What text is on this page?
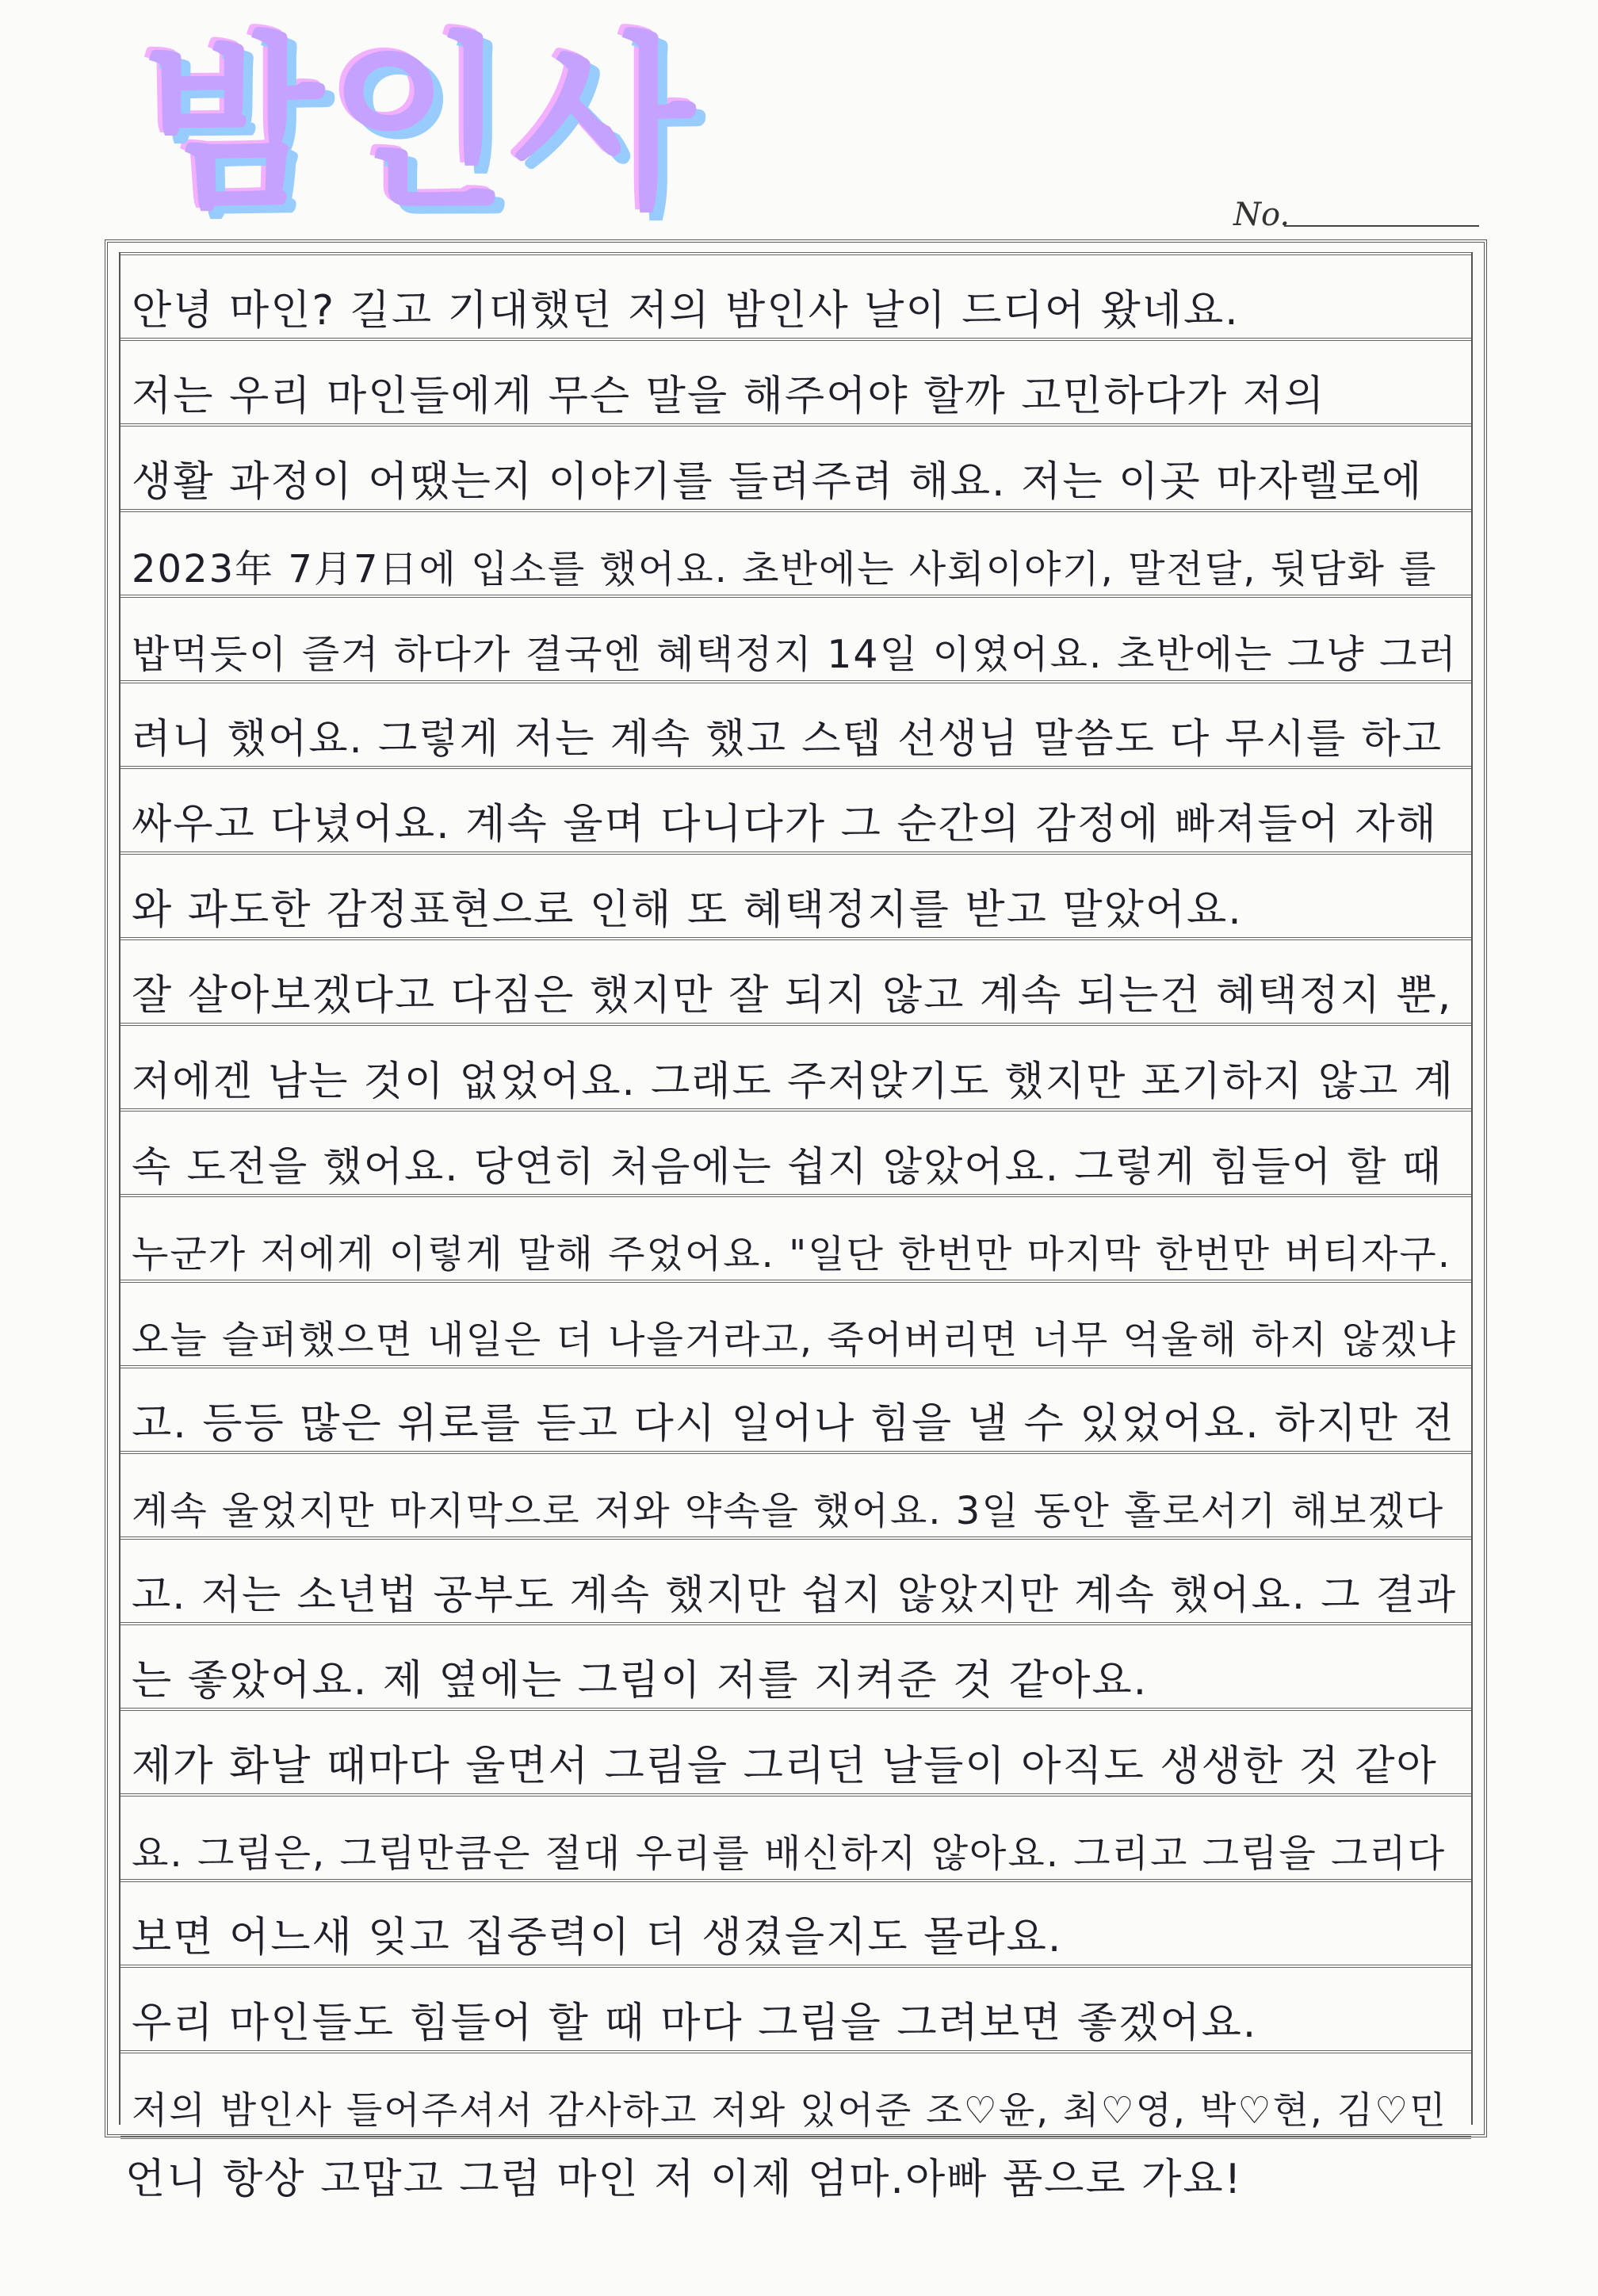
밤인사	No.
안녕 마인? 길고 기대했던 저의 밤인사 날이 드디어 왔네요.
저는 우리 마인들에게 무슨 말을 해주어야 할까 고민하다가 저의
생활 과정이 어땠는지 이야기를 들려주려 해요. 저는 이곳 마자렐로에
2023年 7月7日에 입소를 했어요. 초반에는 사회이야기, 말전달, 뒷담화 를
밥먹듯이 즐겨 하다가 결국엔 혜택정지 14일 이였어요. 초반에는 그냥 그러
려니 했어요. 그렇게 저는 계속 했고 스텝 선생님 말씀도 다 무시를 하고
싸우고 다녔어요. 계속 울며 다니다가 그 순간의 감정에 빠져들어 자해
와 과도한 감정표현으로 인해 또 혜택정지를 받고 말았어요.
잘 살아보겠다고 다짐은 했지만 잘 되지 않고 계속 되는건 혜택정지 뿐,
저에겐 남는 것이 없었어요. 그래도 주저앉기도 했지만 포기하지 않고 계
속 도전을 했어요. 당연히 처음에는 쉽지 않았어요. 그렇게 힘들어 할 때
누군가 저에게 이렇게 말해 주었어요. "일단 한번만 마지막 한번만 버티자구.
오늘 슬퍼했으면 내일은 더 나을거라고, 죽어버리면 너무 억울해 하지 않겠냐
고. 등등 많은 위로를 듣고 다시 일어나 힘을 낼 수 있었어요. 하지만 전
계속 울었지만 마지막으로 저와 약속을 했어요. 3일 동안 홀로서기 해보겠다
고. 저는 소년법 공부도 계속 했지만 쉽지 않았지만 계속 했어요. 그 결과
는 좋았어요. 제 옆에는 그림이 저를 지켜준 것 같아요.
제가 화날 때마다 울면서 그림을 그리던 날들이 아직도 생생한 것 같아
요. 그림은, 그림만큼은 절대 우리를 배신하지 않아요. 그리고 그림을 그리다
보면 어느새 잊고 집중력이 더 생겼을지도 몰라요.
우리 마인들도 힘들어 할 때 마다 그림을 그려보면 좋겠어요.
저의 밤인사 들어주셔서 감사하고 저와 있어준 조♡윤, 최♡영, 박♡현, 김♡민
언니 항상 고맙고 그럼 마인 저 이제 엄마.아빠 품으로 가요!
